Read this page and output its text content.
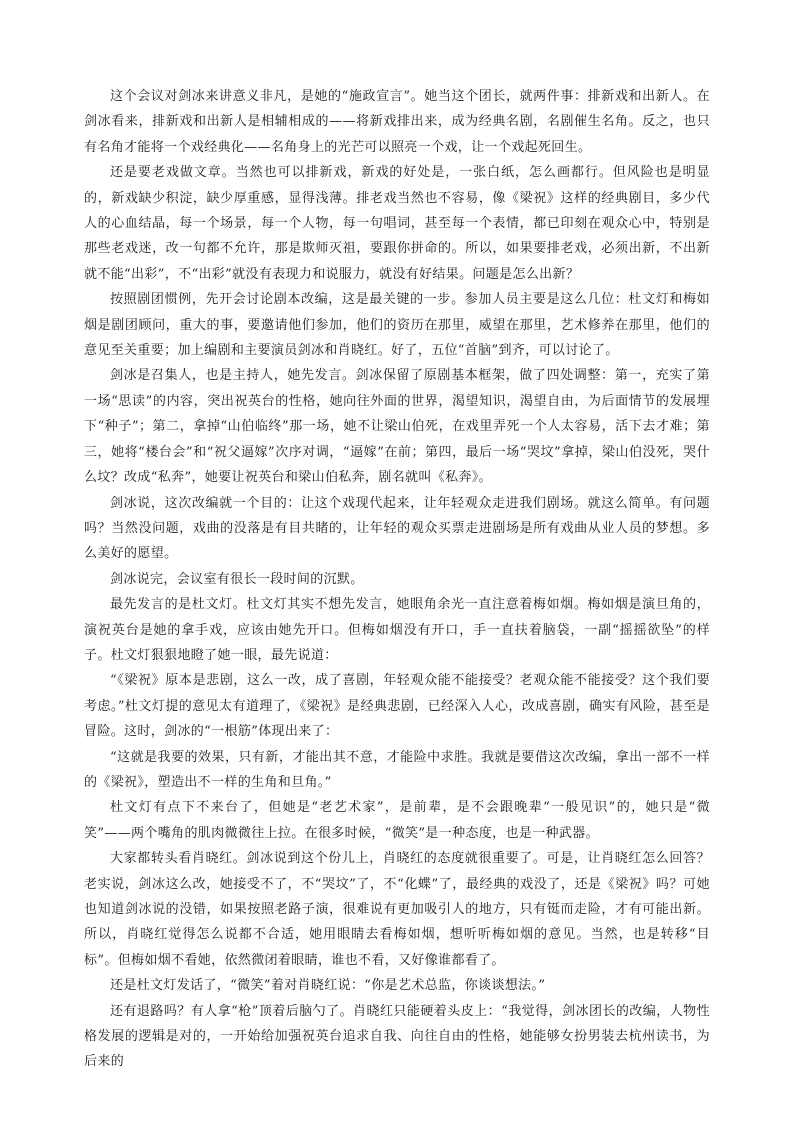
这个会议对剑冰来讲意义非凡，是她的“施政宣言”。她当这个团长，就两件事：排新戏和出新人。在剑冰看来，排新戏和出新人是相辅相成的——将新戏排出来，成为经典名剧，名剧催生名角。反之，也只有名角才能将一个戏经典化——名角身上的光芒可以照亮一个戏，让一个戏起死回生。

还是要老戏做文章。当然也可以排新戏，新戏的好处是，一张白纸，怎么画都行。但风险也是明显的，新戏缺少积淀，缺少厚重感，显得浅薄。排老戏当然也不容易，像《梁祝》这样的经典剧目，多少代人的心血结晶，每一个场景，每一个人物，每一句唱词，甚至每一个表情，都已印刻在观众心中，特别是那些老戏迷，改一句都不允许，那是欺师灭祖，要跟你拼命的。所以，如果要排老戏，必须出新，不出新就不能“出彩”，不“出彩”就没有表现力和说服力，就没有好结果。问题是怎么出新？

按照剧团惯例，先开会讨论剧本改编，这是最关键的一步。参加人员主要是这么几位：杜文灯和梅如烟是剧团顾问，重大的事，要邀请他们参加，他们的资历在那里，威望在那里，艺术修养在那里，他们的意见至关重要；加上编剧和主要演员剑冰和肖晓红。好了，五位“首脑”到齐，可以讨论了。

剑冰是召集人，也是主持人，她先发言。剑冰保留了原剧基本框架，做了四处调整：第一，充实了第一场“思读”的内容，突出祝英台的性格，她向往外面的世界，渴望知识，渴望自由，为后面情节的发展埋下“种子”；第二，拿掉“山伯临终”那一场，她不让梁山伯死，在戏里弄死一个人太容易，活下去才难；第三，她将“楼台会”和“祝父逼嫁”次序对调，“逼嫁”在前；第四，最后一场“哭坟”拿掉，梁山伯没死，哭什么坟？改成“私奔”，她要让祝英台和梁山伯私奔，剧名就叫《私奔》。

剑冰说，这次改编就一个目的：让这个戏现代起来，让年轻观众走进我们剧场。就这么简单。有问题吗？当然没问题，戏曲的没落是有目共睹的，让年轻的观众买票走进剧场是所有戏曲从业人员的梦想。多么美好的愿望。

剑冰说完，会议室有很长一段时间的沉默。

最先发言的是杜文灯。杜文灯其实不想先发言，她眼角余光一直注意着梅如烟。梅如烟是演旦角的，演祝英台是她的拿手戏，应该由她先开口。但梅如烟没有开口，手一直扶着脑袋，一副“摇摇欲坠”的样子。杜文灯狠狠地瞪了她一眼，最先说道：

“《梁祝》原本是悲剧，这么一改，成了喜剧，年轻观众能不能接受？老观众能不能接受？这个我们要考虑。”杜文灯提的意见太有道理了，《梁祝》是经典悲剧，已经深入人心，改成喜剧，确实有风险，甚至是冒险。这时，剑冰的“一根筋”体现出来了：

“这就是我要的效果，只有新，才能出其不意，才能险中求胜。我就是要借这次改编，拿出一部不一样的《梁祝》，塑造出不一样的生角和旦角。”

杜文灯有点下不来台了，但她是“老艺术家”，是前辈，是不会跟晚辈“一般见识”的，她只是“微笑”——两个嘴角的肌肉微微往上拉。在很多时候，“微笑”是一种态度，也是一种武器。

大家都转头看肖晓红。剑冰说到这个份儿上，肖晓红的态度就很重要了。可是，让肖晓红怎么回答？老实说，剑冰这么改，她接受不了，不“哭坟”了，不“化蝶”了，最经典的戏没了，还是《梁祝》吗？可她也知道剑冰说的没错，如果按照老路子演，很难说有更加吸引人的地方，只有铤而走险，才有可能出新。所以，肖晓红觉得怎么说都不合适，她用眼睛去看梅如烟，想听听梅如烟的意见。当然，也是转移“目标”。但梅如烟不看她，依然微闭着眼睛，谁也不看，又好像谁都看了。

还是杜文灯发话了，“微笑”着对肖晓红说：“你是艺术总监，你谈谈想法。”

还有退路吗？有人拿“枪”顶着后脑勺了。肖晓红只能硬着头皮上：“我觉得，剑冰团长的改编，人物性格发展的逻辑是对的，一开始给加强祝英台追求自我、向往自由的性格，她能够女扮男装去杭州读书，为后来的
